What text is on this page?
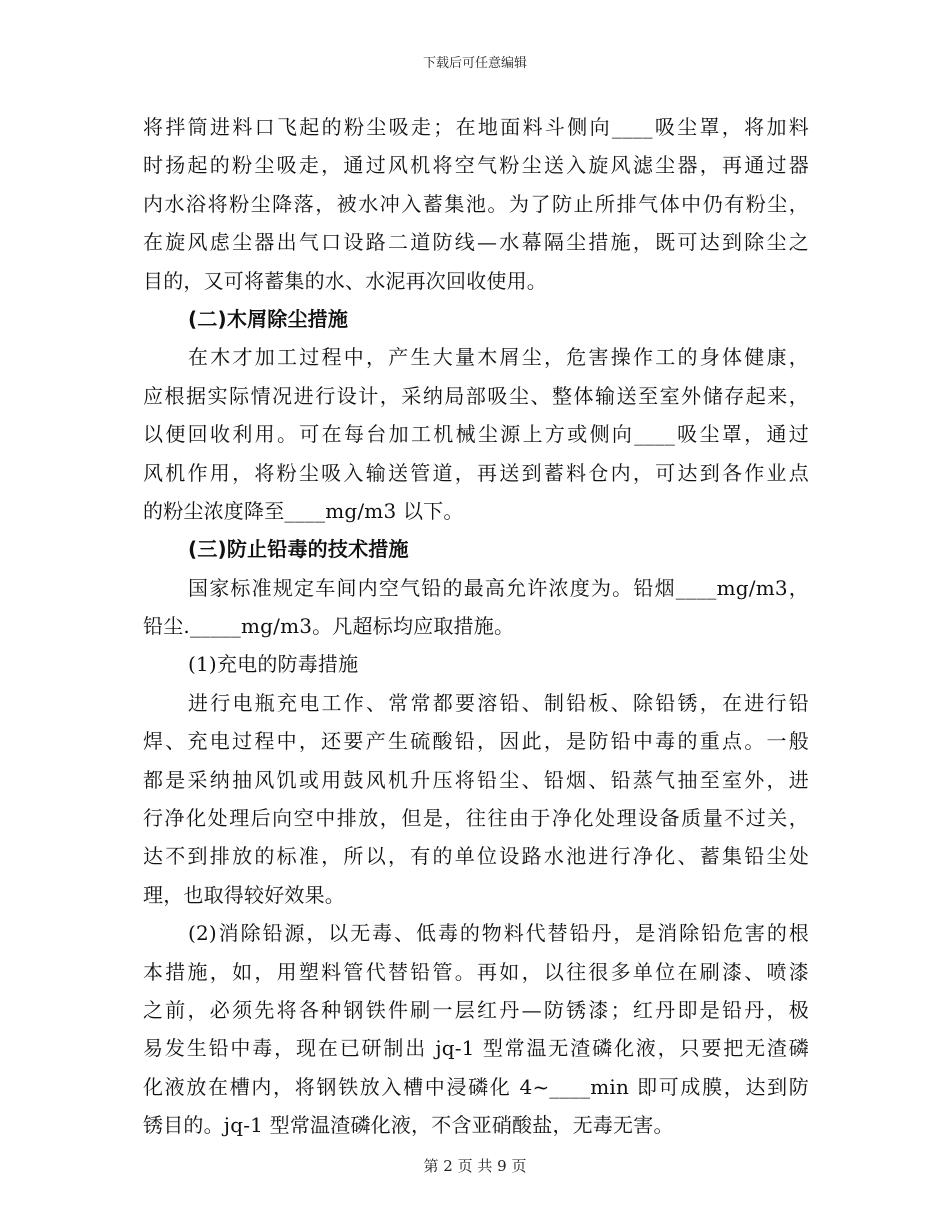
下载后可任意编辑
将拌筒进料口飞起的粉尘吸走；在地面料斗侧向____吸尘罩，将加料
时扬起的粉尘吸走，通过风机将空气粉尘送入旋风滤尘器，再通过器
内水浴将粉尘降落，被水冲入蓄集池。为了防止所排气体中仍有粉尘，
在旋风虑尘器出气口设路二道防线—水幕隔尘措施，既可达到除尘之
目的，又可将蓄集的水、水泥再次回收使用。
(二)木屑除尘措施
在木才加工过程中，产生大量木屑尘，危害操作工的身体健康，
应根据实际情况进行设计，采纳局部吸尘、整体输送至室外储存起来，
以便回收利用。可在每台加工机械尘源上方或侧向____吸尘罩，通过
风机作用，将粉尘吸入输送管道，再送到蓄料仓内，可达到各作业点
的粉尘浓度降至____mg/m3 以下。
(三)防止铅毒的技术措施
国家标准规定车间内空气铅的最高允许浓度为。铅烟____mg/m3，
铅尘._____mg/m3。凡超标均应取措施。
(1)充电的防毒措施
进行电瓶充电工作、常常都要溶铅、制铅板、除铅锈，在进行铅
焊、充电过程中，还要产生硫酸铅，因此，是防铅中毒的重点。一般
都是采纳抽风饥或用鼓风机升压将铅尘、铅烟、铅蒸气抽至室外，进
行净化处理后向空中排放，但是，往往由于净化处理设备质量不过关，
达不到排放的标准，所以，有的单位设路水池进行净化、蓄集铅尘处
理，也取得较好效果。
(2)消除铅源，以无毒、低毒的物料代替铅丹，是消除铅危害的根
本措施，如，用塑料管代替铅管。再如，以往很多单位在刷漆、喷漆
之前，必须先将各种钢铁件刷一层红丹—防锈漆；红丹即是铅丹，极
易发生铅中毒，现在已研制出 jq-1 型常温无渣磷化液，只要把无渣磷
化液放在槽内，将钢铁放入槽中浸磷化 4~____min 即可成膜，达到防
锈目的。jq-1 型常温渣磷化液，不含亚硝酸盐，无毒无害。
第 2 页 共 9 页
